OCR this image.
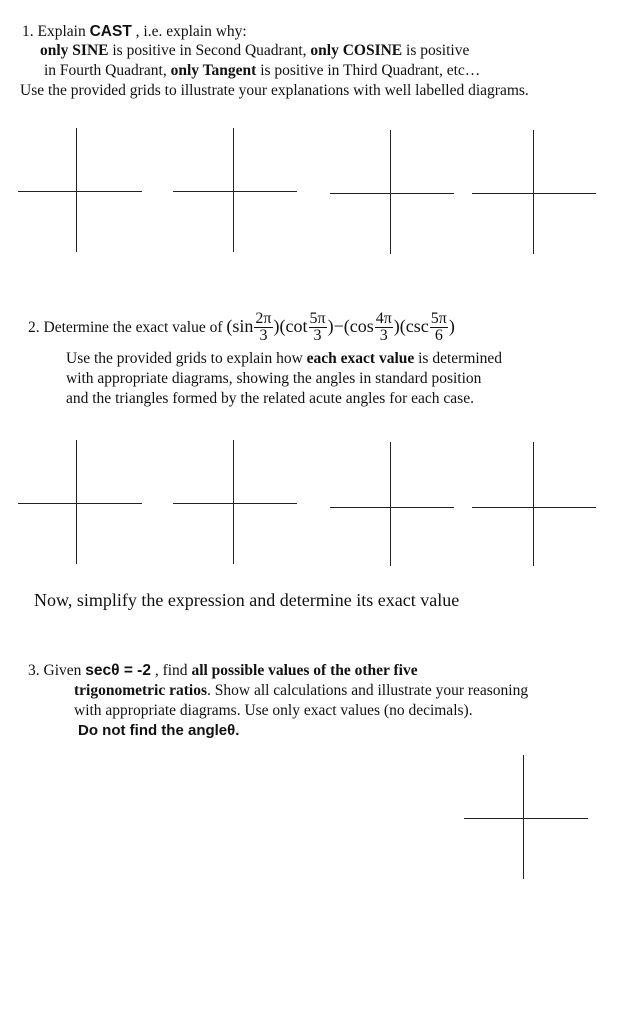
1. Explain CAST , i.e. explain why:
only SINE is positive in Second Quadrant, only COSINE is positive
in Fourth Quadrant, only Tangent is positive in Third Quadrant, etc…
Use the provided grids to illustrate your explanations with well labelled diagrams.
2. Determine the exact value of $(\sin \frac{2\pi}{3} )(\cot \frac{5\pi}{3} )-(\cos \frac{4\pi}{3} )(\csc \frac{5\pi}{6}$ )
Use the provided grids to explain how each exact value is determined
with appropriate diagrams, showing the angles in standard position
and the triangles formed by the related acute angles for each case.
Now, simplify the expression and determine its exact value
3. Given secθ = -2 , find all possible values of the other five
trigonometric ratios. Show all calculations and illustrate your reasoning
with appropriate diagrams. Use only exact values (no decimals).
Do not find the angleθ.
